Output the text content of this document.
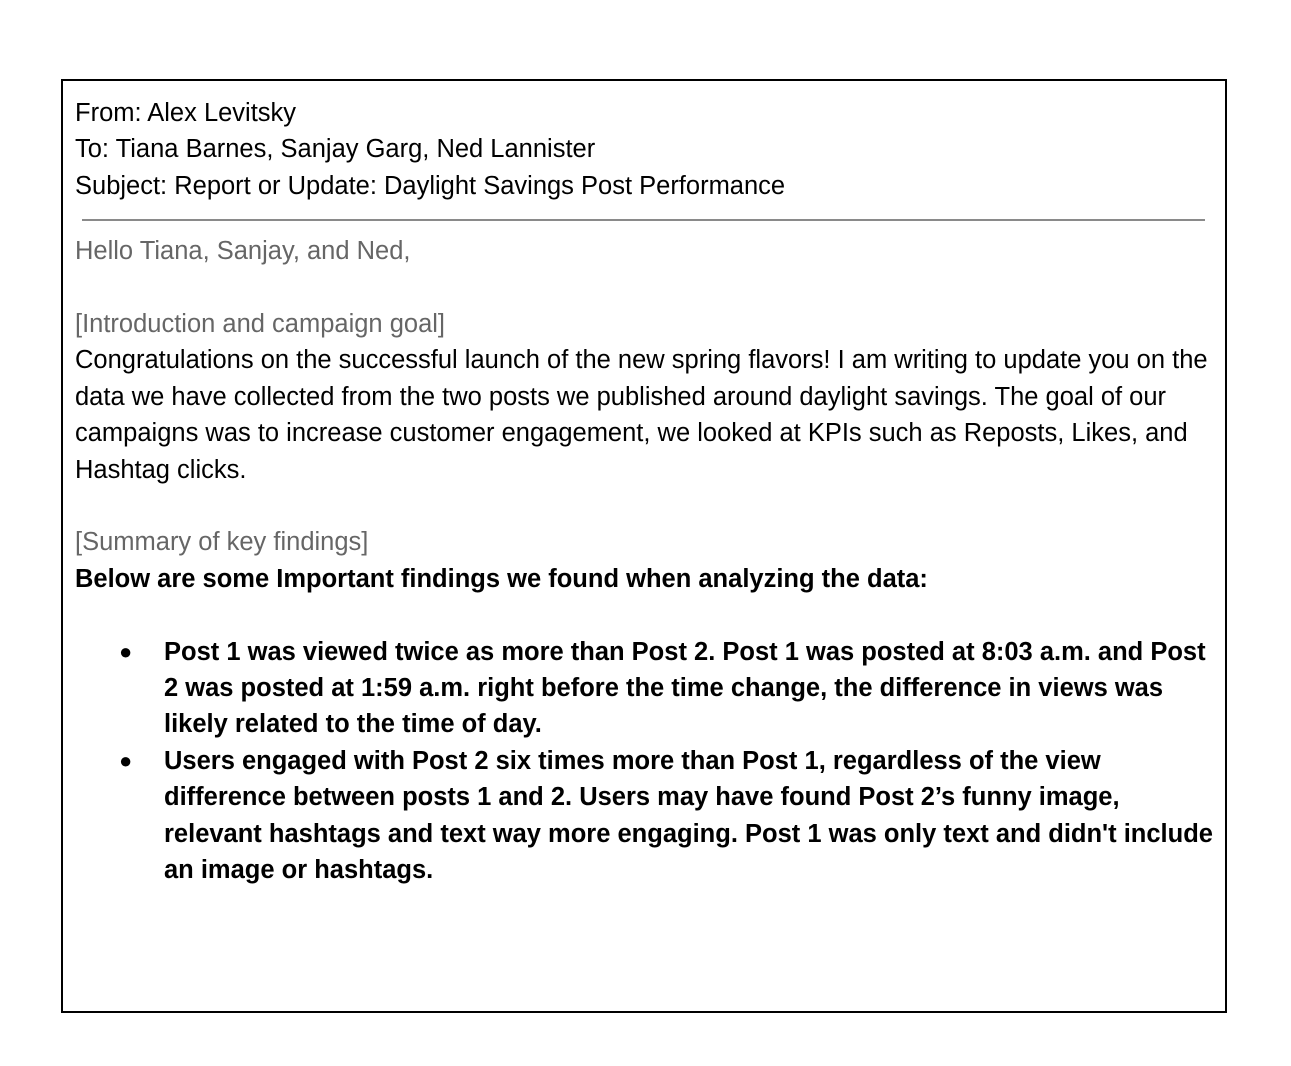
From: Alex Levitsky
To: Tiana Barnes, Sanjay Garg, Ned Lannister
Subject: Report or Update: Daylight Savings Post Performance
Hello Tiana, Sanjay, and Ned,
[Introduction and campaign goal]

Congratulations on the successful launch of the new spring flavors! I am writing to update you on the data we have collected from the two posts we published around daylight savings. The goal of our campaigns was to increase customer engagement, we looked at KPIs such as Reposts, Likes, and Hashtag clicks.

[Summary of key findings]
Below are some Important findings we found when analyzing the data:
● Post 1 was viewed twice as more than Post 2. Post 1 was posted at 8:03 a.m. and Post 2 was posted at 1:59 a.m. right before the time change, the difference in views was likely related to the time of day.
● Users engaged with Post 2 six times more than Post 1, regardless of the view difference between posts 1 and 2. Users may have found Post 2’s funny image, relevant hashtags and text way more engaging. Post 1 was only text and didn't include an image or hashtags.
